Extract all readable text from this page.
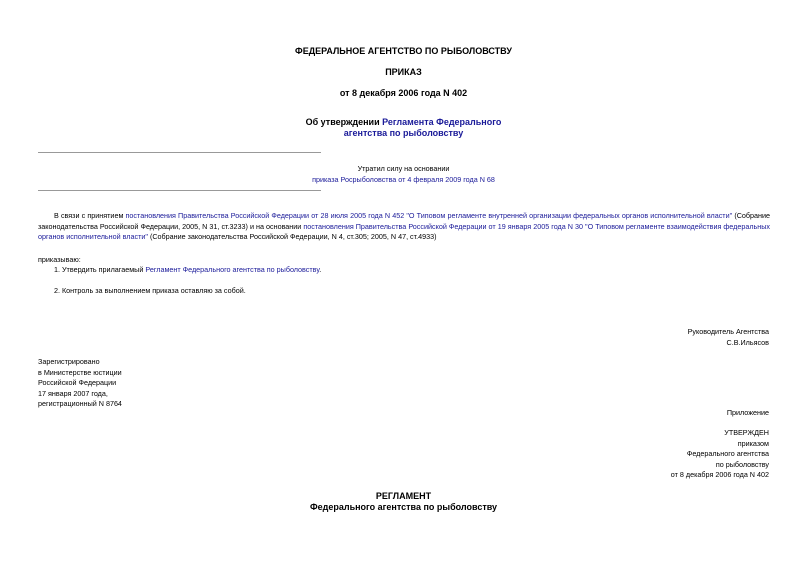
ФЕДЕРАЛЬНОЕ АГЕНТСТВО ПО РЫБОЛОВСТВУ
ПРИКАЗ
от 8 декабря 2006 года N 402
Об утверждении Регламента Федерального
агентства по рыболовству
Утратил силу на основании
приказа Росрыболовства от 4 февраля 2009 года N 68
В связи с принятием постановления Правительства Российской Федерации от 28 июля 2005 года N 452 "О Типовом регламенте внутренней организации федеральных органов исполнительной власти" (Собрание законодательства Российской Федерации, 2005, N 31, ст.3233) и на основании постановления Правительства Российской Федерации от 19 января 2005 года N 30 "О Типовом регламенте взаимодействия федеральных органов исполнительной власти" (Собрание законодательства Российской Федерации, N 4, ст.305; 2005, N 47, ст.4933)
приказываю:
1. Утвердить прилагаемый Регламент Федерального агентства по рыболовству.
2. Контроль за выполнением приказа оставляю за собой.
Руководитель Агентства
С.В.Ильясов
Зарегистрировано
в Министерстве юстиции
Российской Федерации
17 января 2007 года,
регистрационный N 8764
Приложение
УТВЕРЖДЕН
приказом
Федерального агентства
по рыболовству
от 8 декабря 2006 года N 402
РЕГЛАМЕНТ
Федерального агентства по рыболовству
